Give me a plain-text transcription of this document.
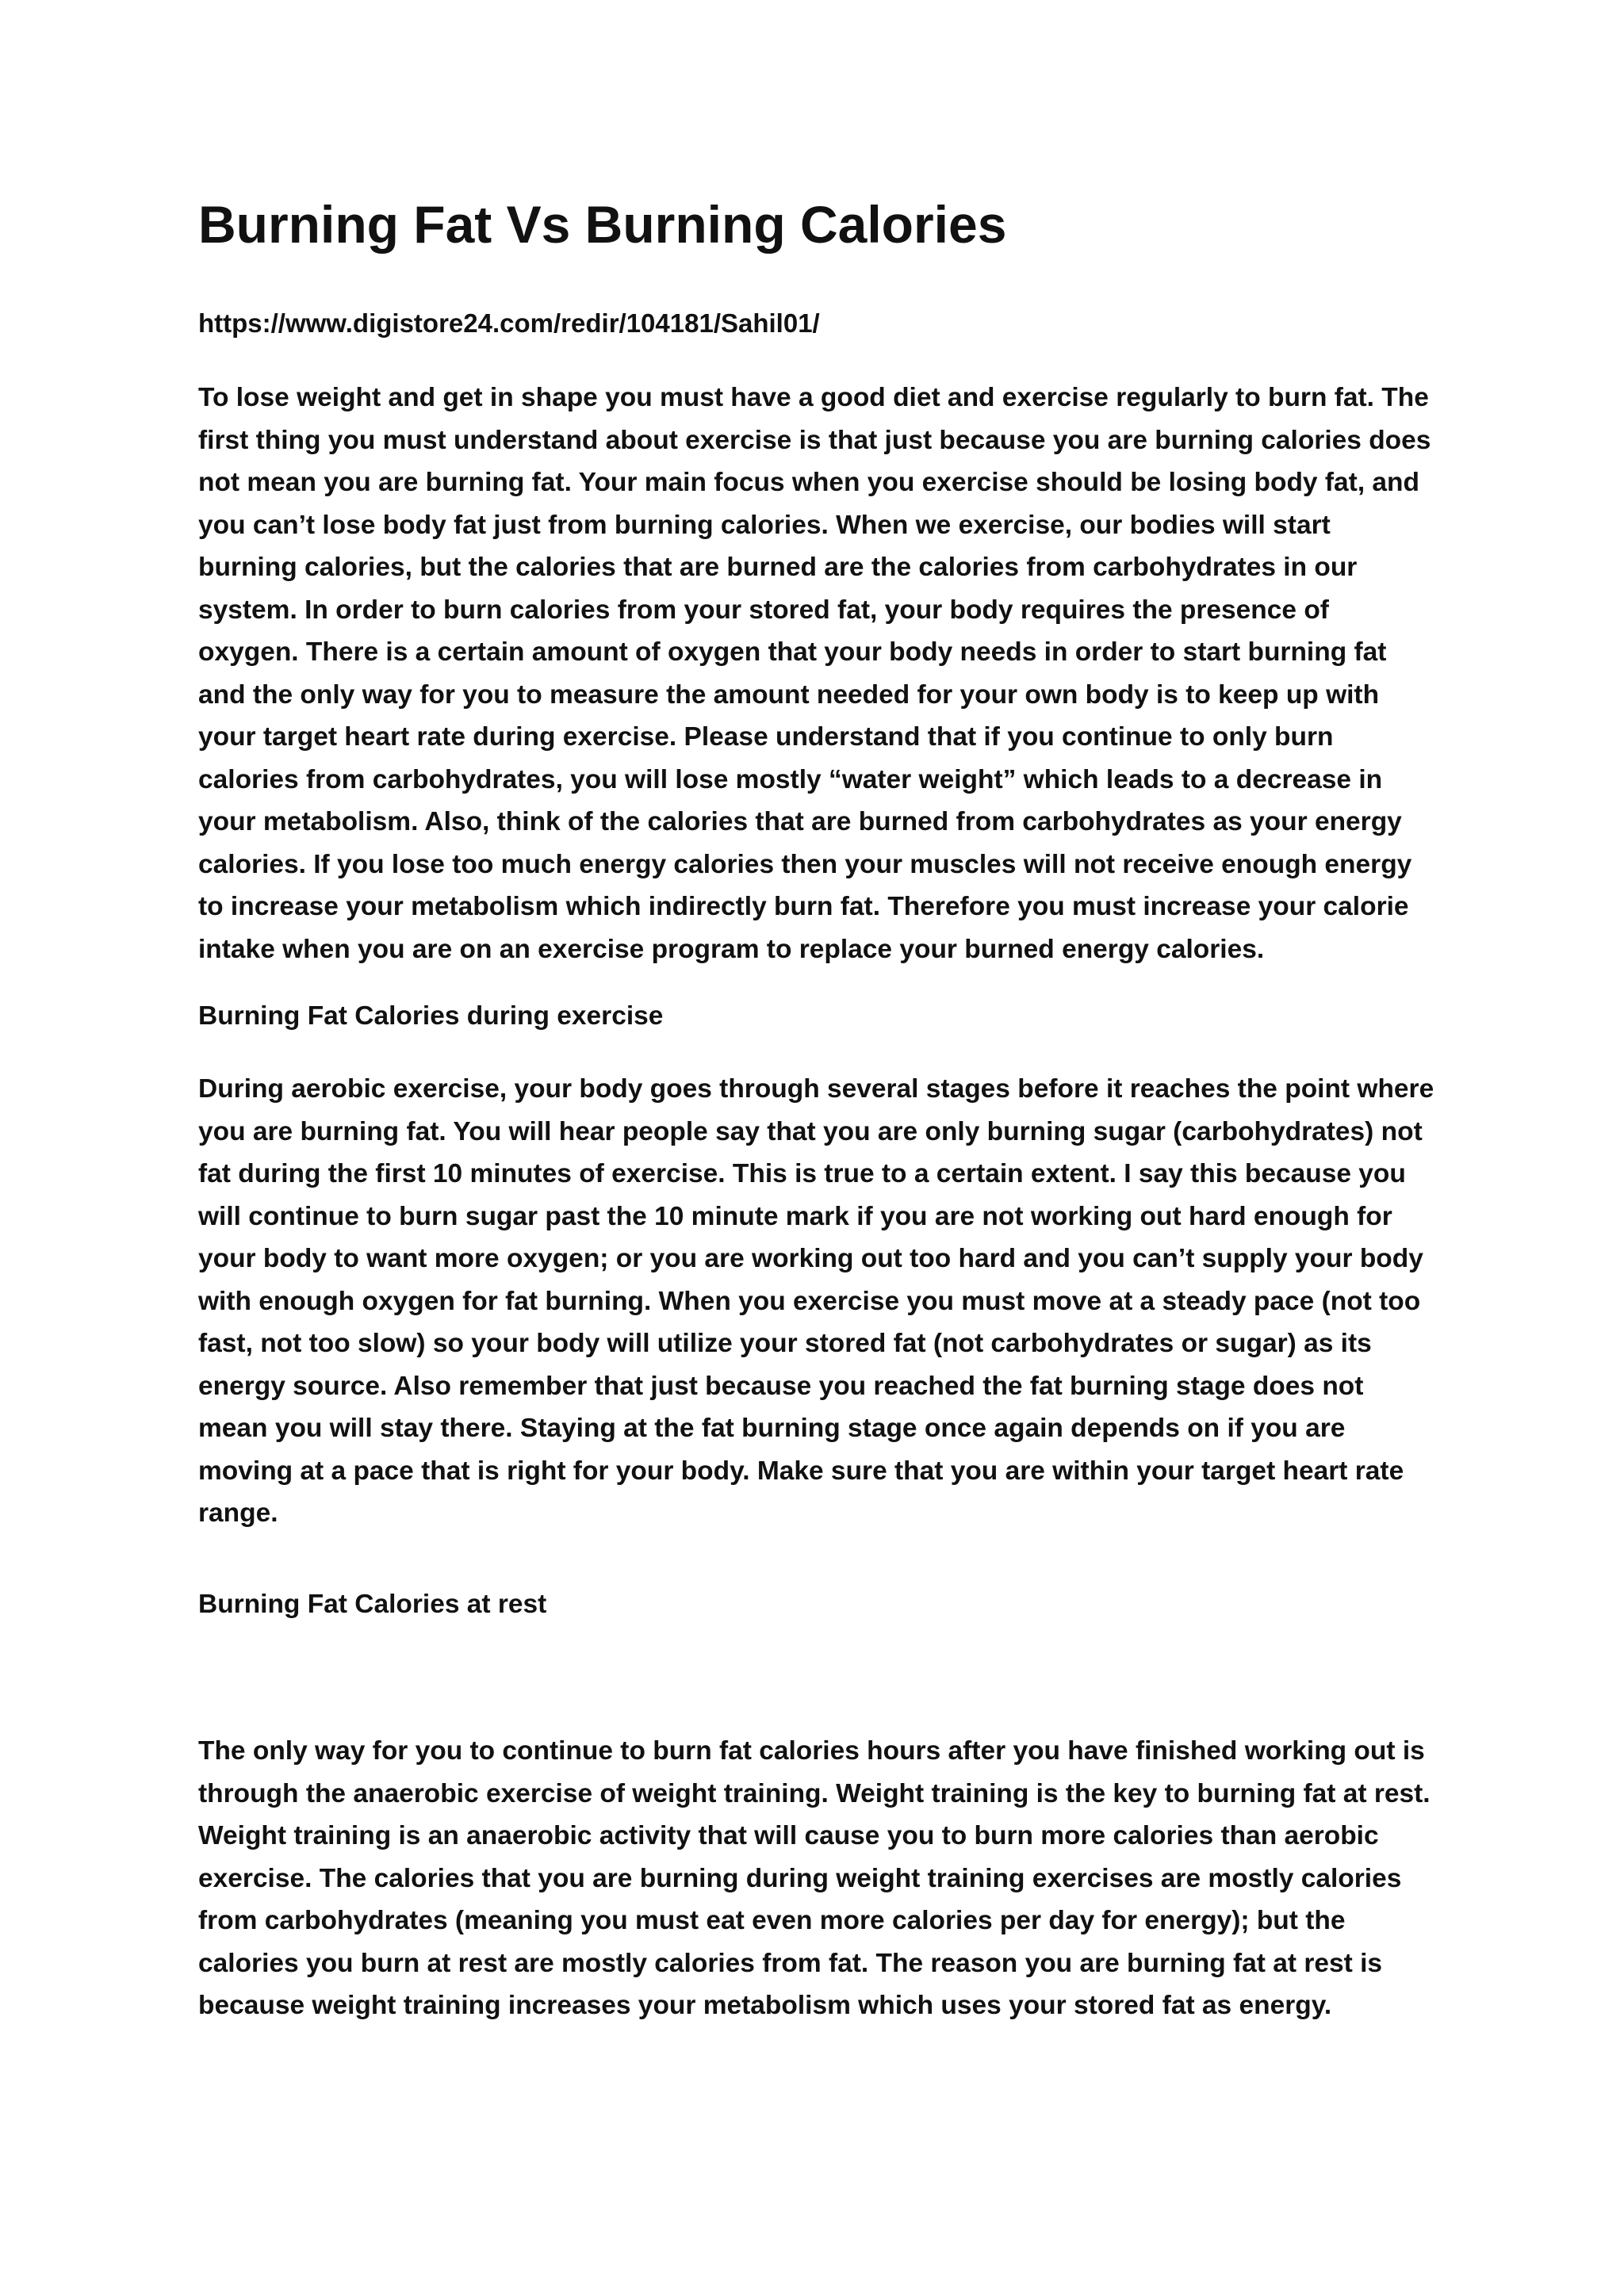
Burning Fat Vs Burning Calories

https://www.digistore24.com/redir/104181/Sahil01/

To lose weight and get in shape you must have a good diet and exercise regularly to burn fat. The first thing you must understand about exercise is that just because you are burning calories does not mean you are burning fat. Your main focus when you exercise should be losing body fat, and you can’t lose body fat just from burning calories. When we exercise, our bodies will start burning calories, but the calories that are burned are the calories from carbohydrates in our system. In order to burn calories from your stored fat, your body requires the presence of oxygen. There is a certain amount of oxygen that your body needs in order to start burning fat and the only way for you to measure the amount needed for your own body is to keep up with your target heart rate during exercise. Please understand that if you continue to only burn calories from carbohydrates, you will lose mostly “water weight” which leads to a decrease in your metabolism. Also, think of the calories that are burned from carbohydrates as your energy calories. If you lose too much energy calories then your muscles will not receive enough energy to increase your metabolism which indirectly burn fat. Therefore you must increase your calorie intake when you are on an exercise program to replace your burned energy calories.

Burning Fat Calories during exercise

During aerobic exercise, your body goes through several stages before it reaches the point where you are burning fat. You will hear people say that you are only burning sugar (carbohydrates) not fat during the first 10 minutes of exercise. This is true to a certain extent. I say this because you will continue to burn sugar past the 10 minute mark if you are not working out hard enough for your body to want more oxygen; or you are working out too hard and you can’t supply your body with enough oxygen for fat burning. When you exercise you must move at a steady pace (not too fast, not too slow) so your body will utilize your stored fat (not carbohydrates or sugar) as its energy source. Also remember that just because you reached the fat burning stage does not mean you will stay there. Staying at the fat burning stage once again depends on if you are moving at a pace that is right for your body. Make sure that you are within your target heart rate range.

Burning Fat Calories at rest

The only way for you to continue to burn fat calories hours after you have finished working out is through the anaerobic exercise of weight training. Weight training is the key to burning fat at rest. Weight training is an anaerobic activity that will cause you to burn more calories than aerobic exercise. The calories that you are burning during weight training exercises are mostly calories from carbohydrates (meaning you must eat even more calories per day for energy); but the calories you burn at rest are mostly calories from fat. The reason you are burning fat at rest is because weight training increases your metabolism which uses your stored fat as energy.
